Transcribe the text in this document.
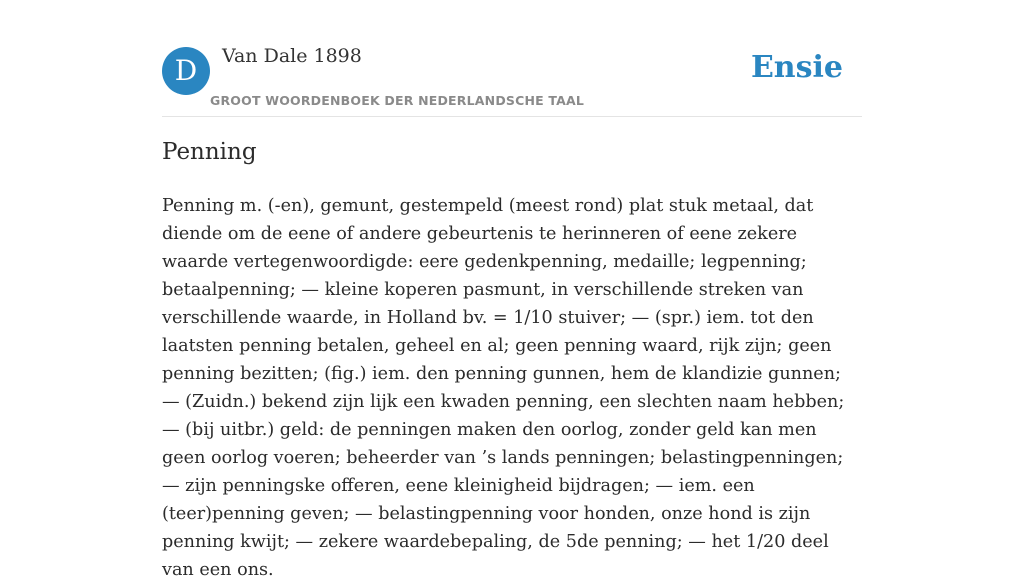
D	Van Dale 1898
GROOT WOORDENBOEK DER NEDERLANDSCHE TAAL
Ensie
Penning

Penning m. (-en), gemunt, gestempeld (meest rond) plat stuk metaal, dat diende om de eene of andere gebeurtenis te herinneren of eene zekere waarde vertegenwoordigde: eere gedenkpenning, medaille; legpenning; betaalpenning; — kleine koperen pasmunt, in verschillende streken van verschillende waarde, in Holland bv. = 1/10 stuiver; — (spr.) iem. tot den laatsten penning betalen, geheel en al; geen penning waard, rijk zijn; geen penning bezitten; (fig.) iem. den penning gunnen, hem de klandizie gunnen; — (Zuidn.) bekend zijn lijk een kwaden penning, een slechten naam hebben; — (bij uitbr.) geld: de penningen maken den oorlog, zonder geld kan men geen oorlog voeren; beheerder van ’s lands penningen; belastingpenningen; — zijn penningske offeren, eene kleinigheid bijdragen; — iem. een (teer)penning geven; — belastingpenning voor honden, onze hond is zijn penning kwijt; — zekere waardebepaling, de 5de penning; — het 1/20 deel van een ons.
